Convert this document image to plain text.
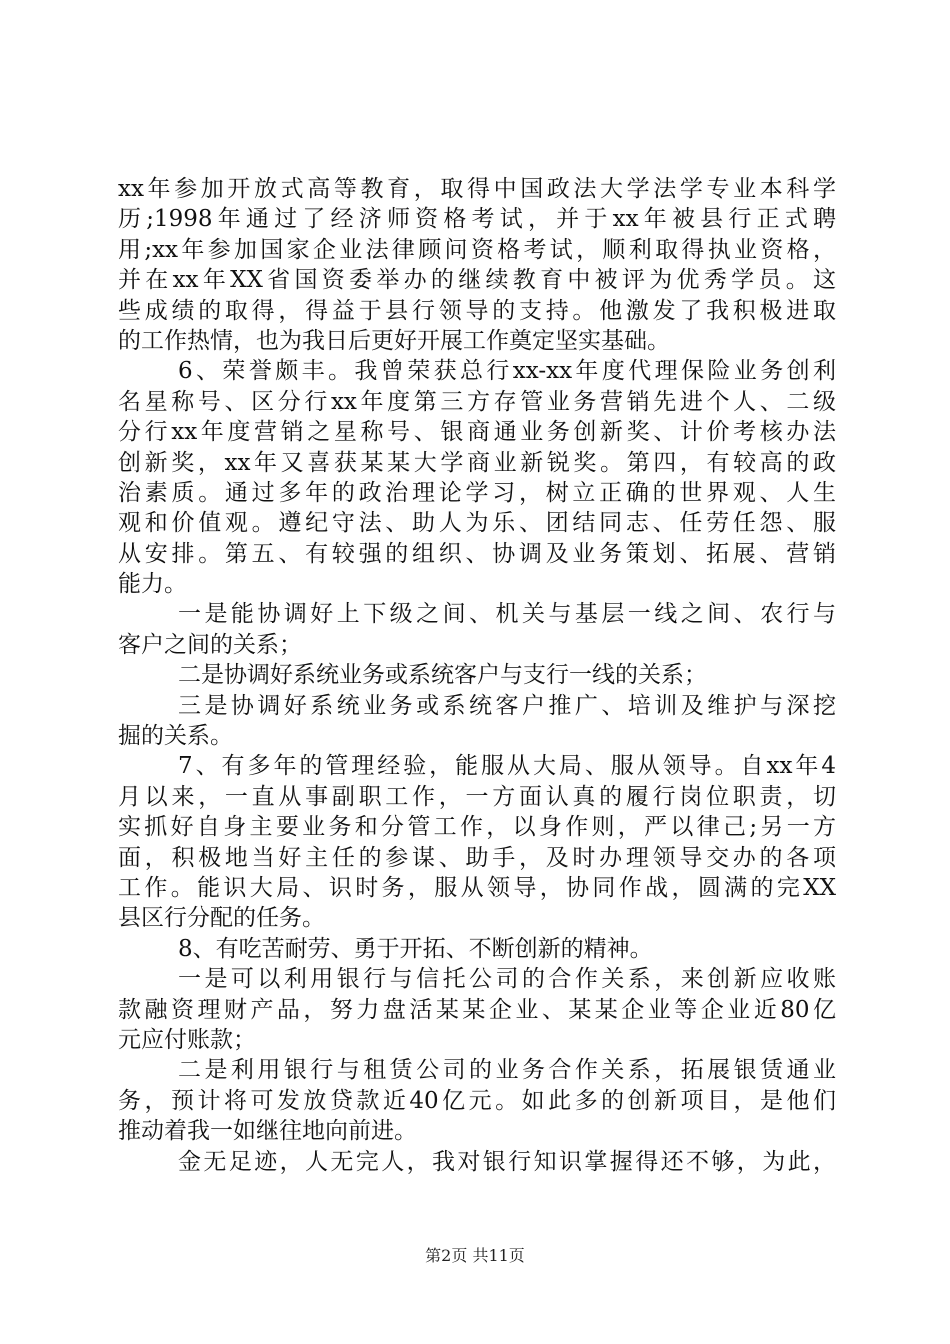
xx年参加开放式高等教育，取得中国政法大学法学专业本科学
历;1998年通过了经济师资格考试，并于xx年被县行正式聘
用;xx年参加国家企业法律顾问资格考试，顺利取得执业资格，
并在xx年XX省国资委举办的继续教育中被评为优秀学员。这
些成绩的取得，得益于县行领导的支持。他激发了我积极进取
的工作热情，也为我日后更好开展工作奠定坚实基础。
6、荣誉颇丰。我曾荣获总行xx-xx年度代理保险业务创利
名星称号、区分行xx年度第三方存管业务营销先进个人、二级
分行xx年度营销之星称号、银商通业务创新奖、计价考核办法
创新奖，xx年又喜获某某大学商业新锐奖。第四，有较高的政
治素质。通过多年的政治理论学习，树立正确的世界观、人生
观和价值观。遵纪守法、助人为乐、团结同志、任劳任怨、服
从安排。第五、有较强的组织、协调及业务策划、拓展、营销
能力。
一是能协调好上下级之间、机关与基层一线之间、农行与
客户之间的关系；
二是协调好系统业务或系统客户与支行一线的关系；
三是协调好系统业务或系统客户推广、培训及维护与深挖
掘的关系。
7、有多年的管理经验，能服从大局、服从领导。自xx年4
月以来，一直从事副职工作，一方面认真的履行岗位职责，切
实抓好自身主要业务和分管工作，以身作则，严以律己;另一方
面，积极地当好主任的参谋、助手，及时办理领导交办的各项
工作。能识大局、识时务，服从领导，协同作战，圆满的完XX
县区行分配的任务。
8、有吃苦耐劳、勇于开拓、不断创新的精神。
一是可以利用银行与信托公司的合作关系，来创新应收账
款融资理财产品，努力盘活某某企业、某某企业等企业近80亿
元应付账款；
二是利用银行与租赁公司的业务合作关系，拓展银赁通业
务，预计将可发放贷款近40亿元。如此多的创新项目，是他们
推动着我一如继往地向前进。
金无足迹，人无完人，我对银行知识掌握得还不够，为此，
第2页 共11页
